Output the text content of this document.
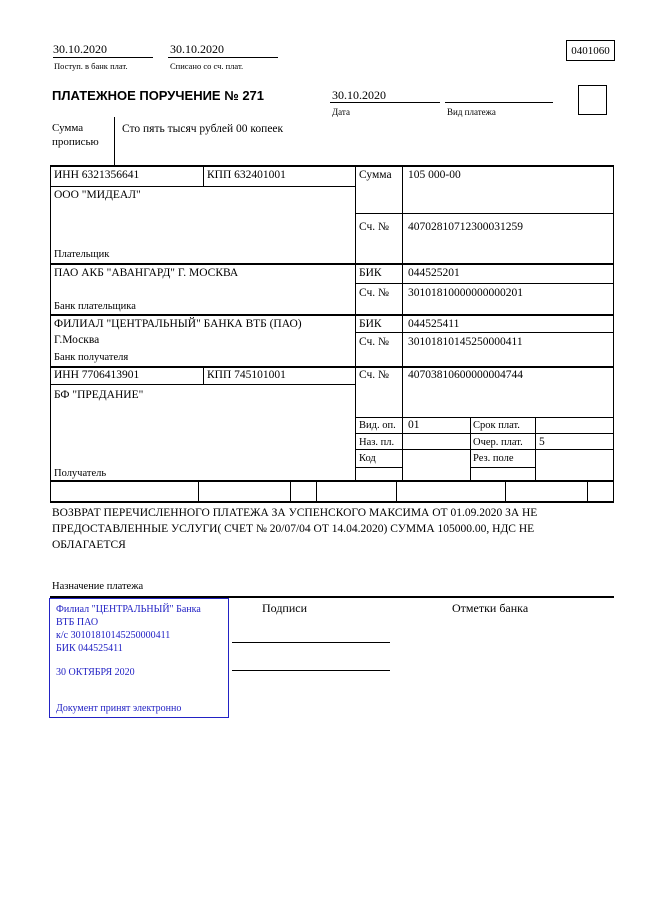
30.10.2020
Поступ. в банк плат.
30.10.2020
Списано со сч. плат.
0401060
ПЛАТЕЖНОЕ ПОРУЧЕНИЕ № 271	30.10.2020
Дата	Вид платежа
Сумма прописью
Сто пять тысяч рублей 00 копеек
ИНН 6321356641	КПП 632401001	Сумма 105 000-00
ООО "МИДЕАЛ"
Сч. № 40702810712300031259
Плательщик
ПАО АКБ "АВАНГАРД" Г. МОСКВА	БИК 044525201
Сч. № 30101810000000000201
Банк плательщика
ФИЛИАЛ "ЦЕНТРАЛЬНЫЙ" БАНКА ВТБ (ПАО)
Г.Москва
БИК 044525411
Сч. № 30101810145250000411
Банк получателя
ИНН 7706413901	КПП 745101001	Сч. № 40703810600000004744
БФ "ПРЕДАНИЕ"
Получатель
Вид. оп. 01	Срок плат.
Наз. пл.	Очер. плат. 5
Код	Рез. поле
ВОЗВРАТ ПЕРЕЧИСЛЕННОГО ПЛАТЕЖА ЗА УСПЕНСКОГО МАКСИМА ОТ 01.09.2020 ЗА НЕ ПРЕДОСТАВЛЕННЫЕ УСЛУГИ( СЧЕТ № 20/07/04 ОТ 14.04.2020) СУММА 105000.00, НДС НЕ ОБЛАГАЕТСЯ
Назначение платежа
Подписи	Отметки банка
Филиал "ЦЕНТРАЛЬНЫЙ" Банка
ВТБ ПАО
к/с 30101810145250000411
БИК 044525411
30 ОКТЯБРЯ 2020
Документ принят электронно
